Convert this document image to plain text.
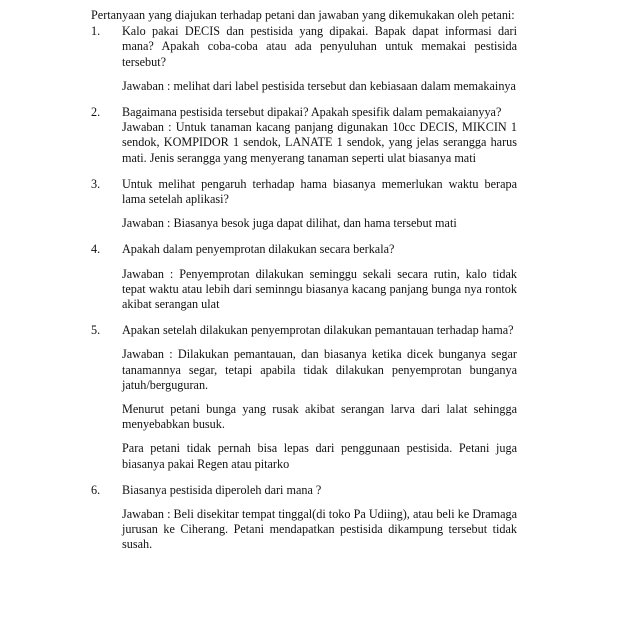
Pertanyaan yang diajukan terhadap petani dan jawaban yang dikemukakan oleh petani:

1.	Kalo pakai DECIS dan pestisida yang dipakai. Bapak dapat informasi dari mana? Apakah coba-coba atau ada penyuluhan untuk memakai pestisida tersebut?

Jawaban : melihat dari label pestisida tersebut dan kebiasaan dalam memakainya

2.	Bagaimana pestisida tersebut dipakai? Apakah spesifik dalam pemakaianyya?

Jawaban : Untuk tanaman kacang panjang digunakan 10cc DECIS, MIKCIN 1 sendok, KOMPIDOR 1 sendok, LANATE 1 sendok, yang jelas serangga harus mati. Jenis serangga yang menyerang tanaman seperti ulat biasanya mati

3.	Untuk melihat pengaruh terhadap hama biasanya memerlukan waktu berapa lama setelah aplikasi?

Jawaban : Biasanya besok juga dapat dilihat, dan hama tersebut mati

4.	Apakah dalam penyemprotan dilakukan secara berkala?

Jawaban : Penyemprotan dilakukan seminggu sekali secara rutin, kalo tidak tepat waktu atau lebih dari seminngu biasanya kacang panjang bunga nya rontok akibat serangan ulat

5.	Apakan setelah dilakukan penyemprotan dilakukan pemantauan terhadap hama?

Jawaban : Dilakukan pemantauan, dan biasanya ketika dicek bunganya segar tanamannya segar, tetapi apabila tidak dilakukan penyemprotan bunganya jatuh/berguguran.

Menurut petani bunga yang rusak akibat serangan larva dari lalat sehingga menyebabkan busuk.

Para petani tidak pernah bisa lepas dari penggunaan pestisida. Petani juga biasanya pakai Regen atau pitarko

6.	Biasanya pestisida diperoleh dari mana ?

Jawaban : Beli disekitar tempat tinggal(di toko Pa Udiing), atau beli ke Dramaga jurusan ke Ciherang. Petani mendapatkan pestisida dikampung tersebut tidak susah.
